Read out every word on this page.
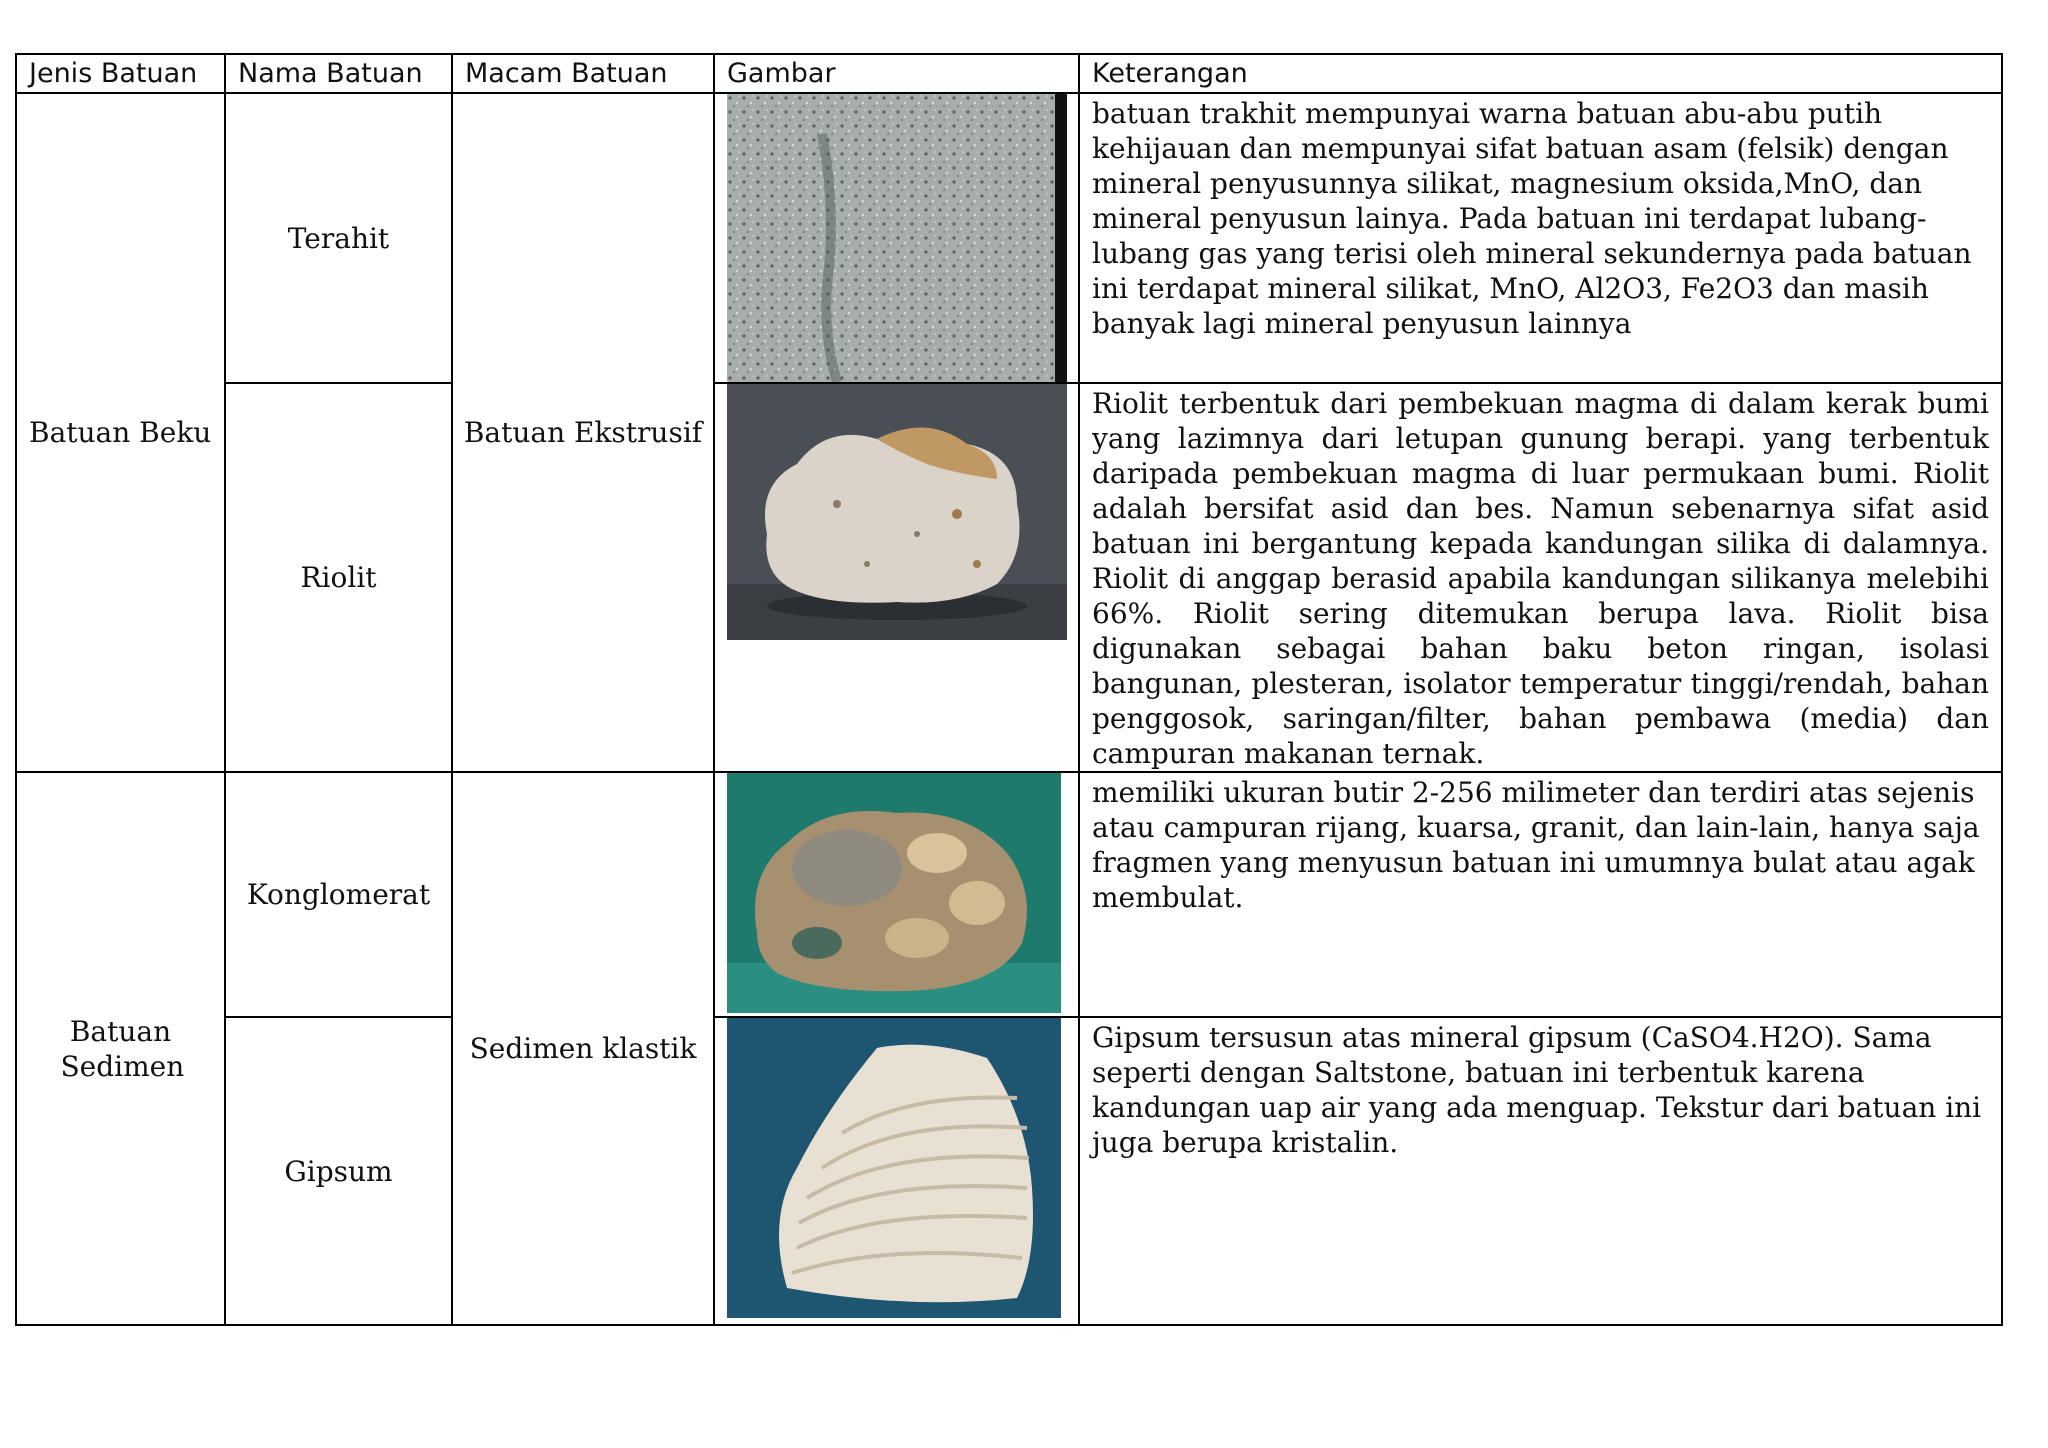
Jenis Batuan	Nama Batuan	Macam Batuan	Gambar	Keterangan
Batuan Beku	Terahit	Batuan Ekstrusif		batuan trakhit mempunyai warna batuan abu-abu putih kehijauan dan mempunyai sifat batuan asam (felsik) dengan mineral penyusunnya silikat, magnesium oksida,MnO, dan mineral penyusun lainya. Pada batuan ini terdapat lubang-lubang gas yang terisi oleh mineral sekundernya pada batuan ini terdapat mineral silikat, MnO, Al2O3, Fe2O3 dan masih banyak lagi mineral penyusun lainnya
	Riolit			Riolit terbentuk dari pembekuan magma di dalam kerak bumi yang lazimnya dari letupan gunung berapi. yang terbentuk daripada pembekuan magma di luar permukaan bumi. Riolit adalah bersifat asid dan bes. Namun sebenarnya sifat asid batuan ini bergantung kepada kandungan silika di dalamnya. Riolit di anggap berasid apabila kandungan silikanya melebihi 66%. Riolit sering ditemukan berupa lava. Riolit bisa digunakan sebagai bahan baku beton ringan, isolasi bangunan, plesteran, isolator temperatur tinggi/rendah, bahan penggosok, saringan/filter, bahan pembawa (media) dan campuran makanan ternak.
Batuan Sedimen	Konglomerat	Sedimen klastik		memiliki ukuran butir 2-256 milimeter dan terdiri atas sejenis atau campuran rijang, kuarsa, granit, dan lain-lain, hanya saja fragmen yang menyusun batuan ini umumnya bulat atau agak membulat.
	Gipsum			Gipsum tersusun atas mineral gipsum (CaSO4.H2O). Sama seperti dengan Saltstone, batuan ini terbentuk karena kandungan uap air yang ada menguap. Tekstur dari batuan ini juga berupa kristalin.
